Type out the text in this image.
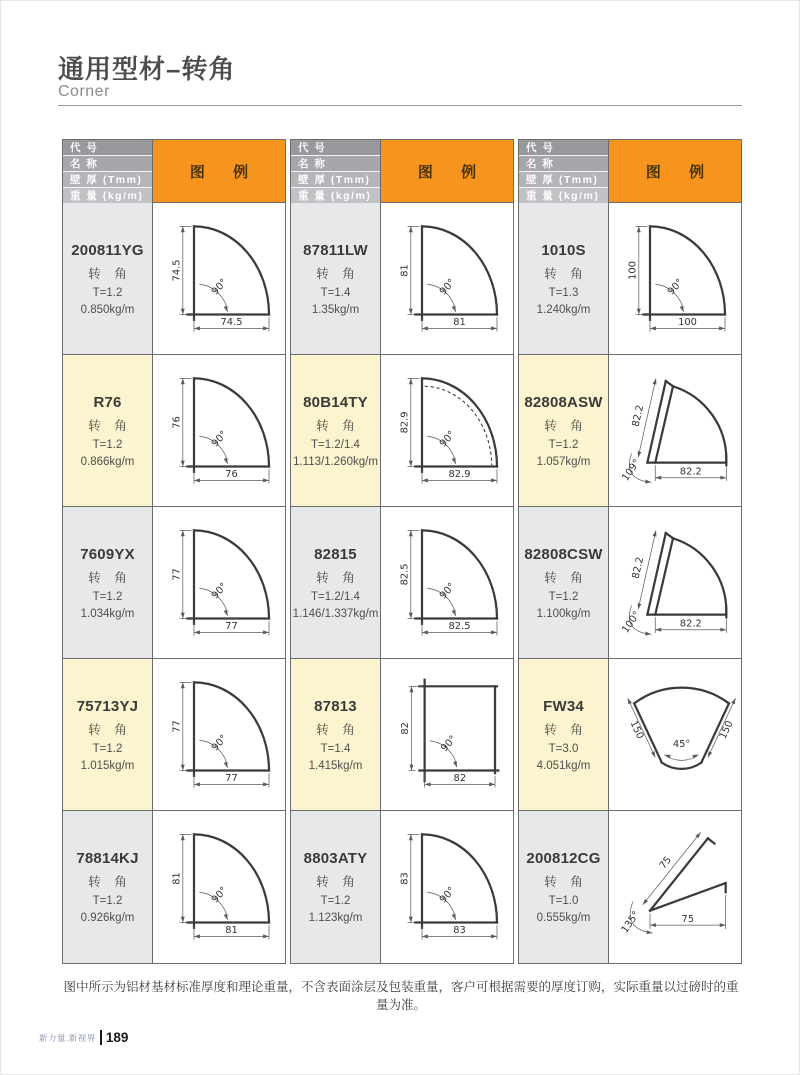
通用型材–转角
Corner
代 号
名 称
壁 厚 (Tmm)
重 量 (kg/m)
图 例
200811YG
转 角
T=1.2
0.850kg/m
74.5
74.5
90°
R76
转 角
T=1.2
0.866kg/m
76
76
90°
7609YX
转 角
T=1.2
1.034kg/m
77
77
90°
75713YJ
转 角
T=1.2
1.015kg/m
77
77
90°
78814KJ
转 角
T=1.2
0.926kg/m
81
81
90°
代 号
名 称
壁 厚 (Tmm)
重 量 (kg/m)
图 例
87811LW
转 角
T=1.4
1.35kg/m
81
81
90°
80B14TY
转 角
T=1.2/1.4
1.113/1.260kg/m
82.9
82.9
90°
82815
转 角
T=1.2/1.4
1.146/1.337kg/m
82.5
82.5
90°
87813
转 角
T=1.4
1.415kg/m
82
82
90°
8803ATY
转 角
T=1.2
1.123kg/m
83
83
90°
代 号
名 称
壁 厚 (Tmm)
重 量 (kg/m)
图 例
1010S
转 角
T=1.3
1.240kg/m
100
100
90°
82808ASW
转 角
T=1.2
1.057kg/m
82.2
82.2
109°
82808CSW
转 角
T=1.2
1.100kg/m
82.2
82.2
100°
FW34
转 角
T=3.0
4.051kg/m
150	150
45°
200812CG
转 角
T=1.0
0.555kg/m
75
75
135°

图中所示为铝材基材标准厚度和理论重量，不含表面涂层及包装重量，客户可根据需要的厚度订购，实际重量以过磅时的重量为准。

新力量.新视界 189
